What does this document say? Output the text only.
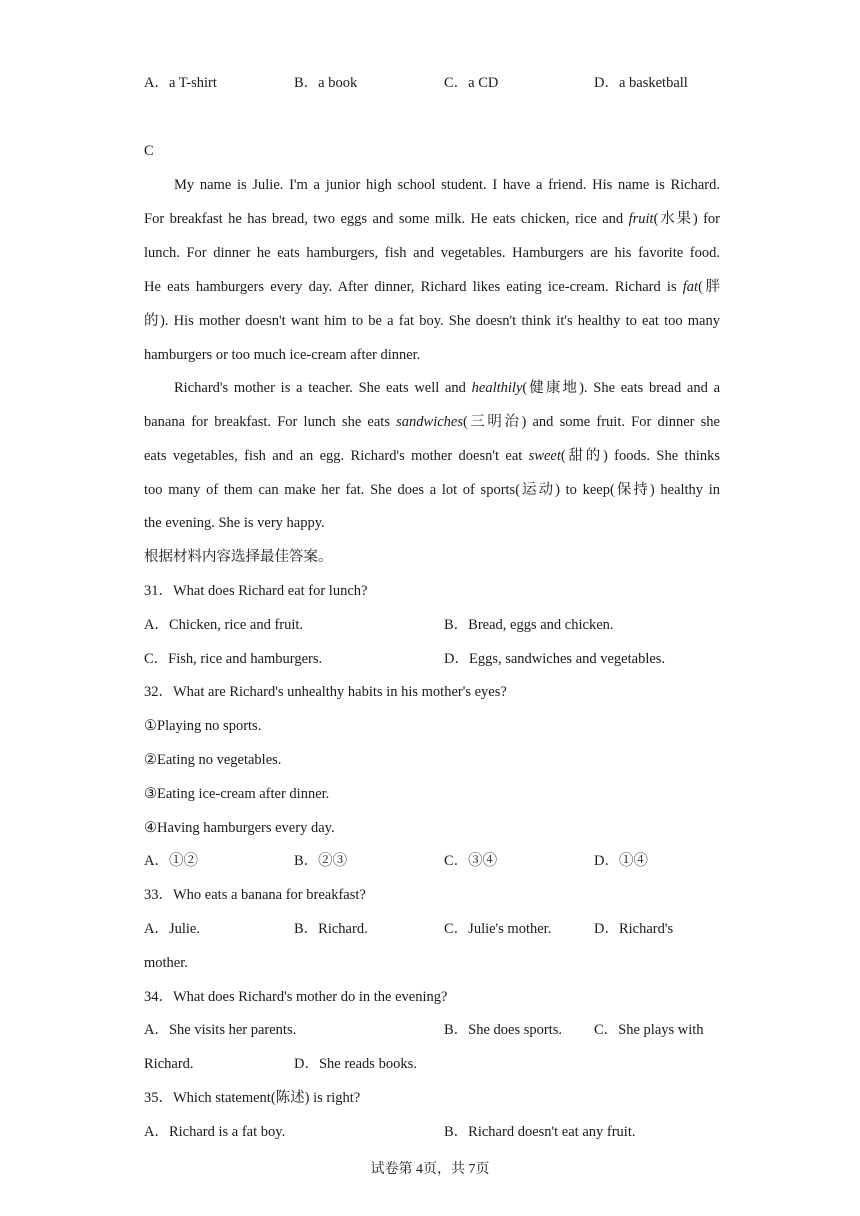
A．a T-shirt	B．a book	C．a CD	D．a basketball
C
My name is Julie. I'm a junior high school student. I have a friend. His name is Richard.
For breakfast he has bread, two eggs and some milk. He eats chicken, rice and fruit(水果) for
lunch. For dinner he eats hamburgers, fish and vegetables. Hamburgers are his favorite food.
He eats hamburgers every day. After dinner, Richard likes eating ice-cream. Richard is fat(胖
的). His mother doesn't want him to be a fat boy. She doesn't think it's healthy to eat too many
hamburgers or too much ice-cream after dinner.
Richard's mother is a teacher. She eats well and healthily(健康地). She eats bread and a
banana for breakfast. For lunch she eats sandwiches(三明治) and some fruit. For dinner she
eats vegetables, fish and an egg. Richard's mother doesn't eat sweet(甜的) foods. She thinks
too many of them can make her fat. She does a lot of sports(运动) to keep(保持) healthy in
the evening. She is very happy.
根据材料内容选择最佳答案。
31．What does Richard eat for lunch?
A．Chicken, rice and fruit.	B．Bread, eggs and chicken.
C．Fish, rice and hamburgers.	D．Eggs, sandwiches and vegetables.
32．What are Richard's unhealthy habits in his mother's eyes?
①Playing no sports.
②Eating no vegetables.
③Eating ice-cream after dinner.
④Having hamburgers every day.
A．①②	B．②③	C．③④	D．①④
33．Who eats a banana for breakfast?
A．Julie.	B．Richard.	C．Julie's mother.	D．Richard's
mother.
34．What does Richard's mother do in the evening?
A．She visits her parents.	B．She does sports. C．She plays with
Richard.	D．She reads books.
35．Which statement(陈述) is right?
A．Richard is a fat boy.	B．Richard doesn't eat any fruit.
试卷第 4页，共 7页
